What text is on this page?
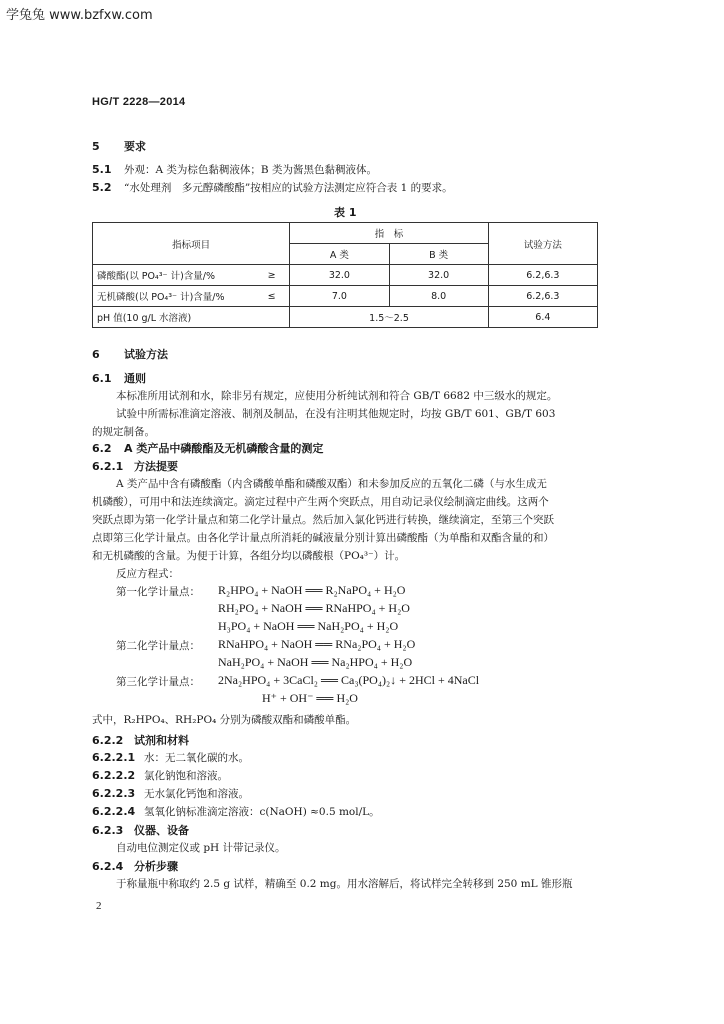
学兔兔 www.bzfxw.com
HG/T 2228—2014
5 要求
5.1 外观：A 类为棕色黏稠液体；B 类为酱黑色黏稠液体。
5.2 “水处理剂　多元醇磷酸酯”按相应的试验方法测定应符合表 1 的要求。
表 1
指标项目		指　标		试验方法
		A 类	B 类	
磷酸酯(以 PO₄³⁻ 计)含量/%	≥	32.0	32.0	6.2,6.3
无机磷酸(以 PO₄³⁻ 计)含量/%	≤	7.0	8.0	6.2,6.3
pH 值(10 g/L 水溶液)		1.5～2.5		6.4
6 试验方法
6.1 通则
本标准所用试剂和水，除非另有规定，应使用分析纯试剂和符合 GB/T 6682 中三级水的规定。
试验中所需标准滴定溶液、制剂及制品，在没有注明其他规定时，均按 GB/T 601、GB/T 603
的规定制备。
6.2 A 类产品中磷酸酯及无机磷酸含量的测定
6.2.1 方法提要
A 类产品中含有磷酸酯（内含磷酸单酯和磷酸双酯）和未参加反应的五氧化二磷（与水生成无
机磷酸），可用中和法连续滴定。滴定过程中产生两个突跃点，用自动记录仪绘制滴定曲线。这两个
突跃点即为第一化学计量点和第二化学计量点。然后加入氯化钙进行转换，继续滴定，至第三个突跃
点即第三化学计量点。由各化学计量点所消耗的碱液量分别计算出磷酸酯（为单酯和双酯含量的和）
和无机磷酸的含量。为便于计算，各组分均以磷酸根（PO₄³⁻）计。
反应方程式：
第一化学计量点： R₂HPO₄ + NaOH ══ R₂NaPO₄ + H₂O
RH₂PO₄ + NaOH ══ RNaHPO₄ + H₂O
H₃PO₄ + NaOH ══ NaH₂PO₄ + H₂O
第二化学计量点： RNaHPO₄ + NaOH ══ RNa₂PO₄ + H₂O
NaH₂PO₄ + NaOH ══ Na₂HPO₄ + H₂O
第三化学计量点： 2Na₂HPO₄ + 3CaCl₂ ══ Ca₃(PO₄)₂↓ + 2HCl + 4NaCl
H⁺ + OH⁻ ══ H₂O
式中，R₂HPO₄、RH₂PO₄ 分别为磷酸双酯和磷酸单酯。
6.2.2 试剂和材料
6.2.2.1 水：无二氧化碳的水。
6.2.2.2 氯化钠饱和溶液。
6.2.2.3 无水氯化钙饱和溶液。
6.2.2.4 氢氧化钠标准滴定溶液：c(NaOH) ≈0.5 mol/L。
6.2.3 仪器、设备
自动电位测定仪或 pH 计带记录仪。
6.2.4 分析步骤
于称量瓶中称取约 2.5 g 试样，精确至 0.2 mg。用水溶解后，将试样完全转移到 250 mL 锥形瓶
2
